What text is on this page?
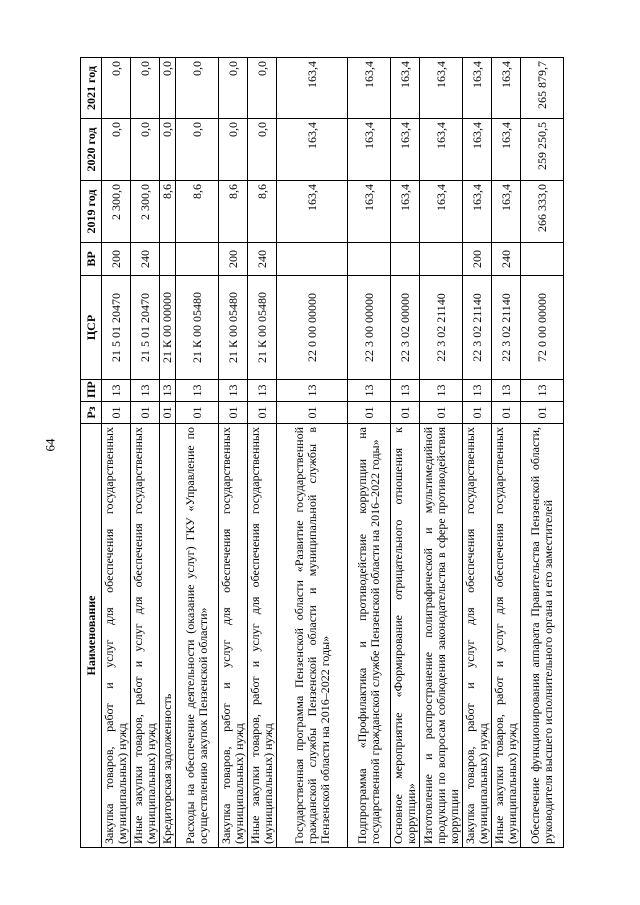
64
Наименование	Рз	ПР	ЦСР	ВР	2019 год	2020 год	2021 год
Закупка товаров, работ и услуг для обеспечения государственных (муниципальных) нужд	01	13	21 5 01 20470	200	2 300,0	0,0	0,0
Иные закупки товаров, работ и услуг для обеспечения государственных (муниципальных) нужд	01	13	21 5 01 20470	240	2 300,0	0,0	0,0
Кредиторская задолженность	01	13	21 К 00 00000		8,6	0,0	0,0
Расходы на обеспечение деятельности (оказание услуг) ГКУ «Управление по осуществлению закупок Пензенской области»	01	13	21 К 00 05480		8,6	0,0	0,0
Закупка товаров, работ и услуг для обеспечения государственных (муниципальных) нужд	01	13	21 К 00 05480	200	8,6	0,0	0,0
Иные закупки товаров, работ и услуг для обеспечения государственных (муниципальных) нужд	01	13	21 К 00 05480	240	8,6	0,0	0,0
Государственная программа Пензенской области «Развитие государственной гражданской службы Пензенской области и муниципальной службы в Пензенской области на 2016–2022 годы»	01	13	22 0 00 00000		163,4	163,4	163,4
Подпрограмма «Профилактика и противодействие коррупции на государственной гражданской службе Пензенской области на 2016–2022 годы»	01	13	22 3 00 00000		163,4	163,4	163,4
Основное мероприятие «Формирование отрицательного отношения к коррупции»	01	13	22 3 02 00000		163,4	163,4	163,4
Изготовление и распространение полиграфической и мультимедийной продукции по вопросам соблюдения законодательства в сфере противодействия коррупции	01	13	22 3 02 21140		163,4	163,4	163,4
Закупка товаров, работ и услуг для обеспечения государственных (муниципальных) нужд	01	13	22 3 02 21140	200	163,4	163,4	163,4
Иные закупки товаров, работ и услуг для обеспечения государственных (муниципальных) нужд	01	13	22 3 02 21140	240	163,4	163,4	163,4
Обеспечение функционирования аппарата Правительства Пензенской области, руководителя высшего исполнительного органа и его заместителей	01	13	72 0 00 00000		266 333,0	259 250,5	265 879,7
